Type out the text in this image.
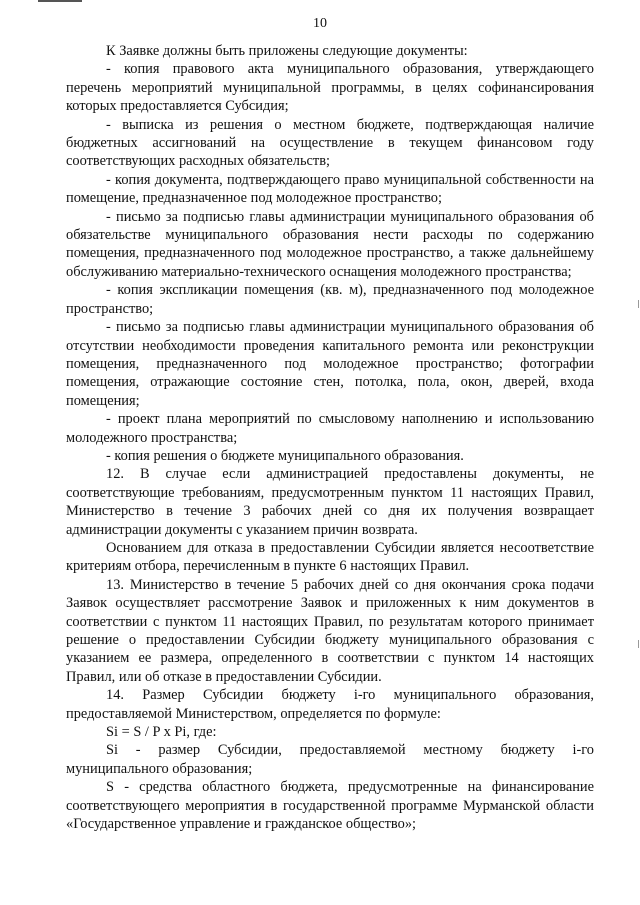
10

К Заявке должны быть приложены следующие документы:

- копия правового акта муниципального образования, утверждающего перечень мероприятий муниципальной программы, в целях софинансирования которых предоставляется Субсидия;

- выписка из решения о местном бюджете, подтверждающая наличие бюджетных ассигнований на осуществление в текущем финансовом году соответствующих расходных обязательств;

- копия документа, подтверждающего право муниципальной собственности на помещение, предназначенное под молодежное пространство;

- письмо за подписью главы администрации муниципального образования об обязательстве муниципального образования нести расходы по содержанию помещения, предназначенного под молодежное пространство, а также дальнейшему обслуживанию материально-технического оснащения молодежного пространства;

- копия экспликации помещения (кв. м), предназначенного под молодежное пространство;

- письмо за подписью главы администрации муниципального образования об отсутствии необходимости проведения капитального ремонта или реконструкции помещения, предназначенного под молодежное пространство; фотографии помещения, отражающие состояние стен, потолка, пола, окон, дверей, входа помещения;

- проект плана мероприятий по смысловому наполнению и использованию молодежного пространства;

- копия решения о бюджете муниципального образования.

12. В случае если администрацией предоставлены документы, не соответствующие требованиям, предусмотренным пунктом 11 настоящих Правил, Министерство в течение 3 рабочих дней со дня их получения возвращает администрации документы с указанием причин возврата.

Основанием для отказа в предоставлении Субсидии является несоответствие критериям отбора, перечисленным в пункте 6 настоящих Правил.

13. Министерство в течение 5 рабочих дней со дня окончания срока подачи Заявок осуществляет рассмотрение Заявок и приложенных к ним документов в соответствии с пунктом 11 настоящих Правил, по результатам которого принимает решение о предоставлении Субсидии бюджету муниципального образования с указанием ее размера, определенного в соответствии с пунктом 14 настоящих Правил, или об отказе в предоставлении Субсидии.

14. Размер Субсидии бюджету i-го муниципального образования, предоставляемой Министерством, определяется по формуле:

Si = S / P x Pi, где:

Si - размер Субсидии, предоставляемой местному бюджету i-го муниципального образования;

S - средства областного бюджета, предусмотренные на финансирование соответствующего мероприятия в государственной программе Мурманской области «Государственное управление и гражданское общество»;
